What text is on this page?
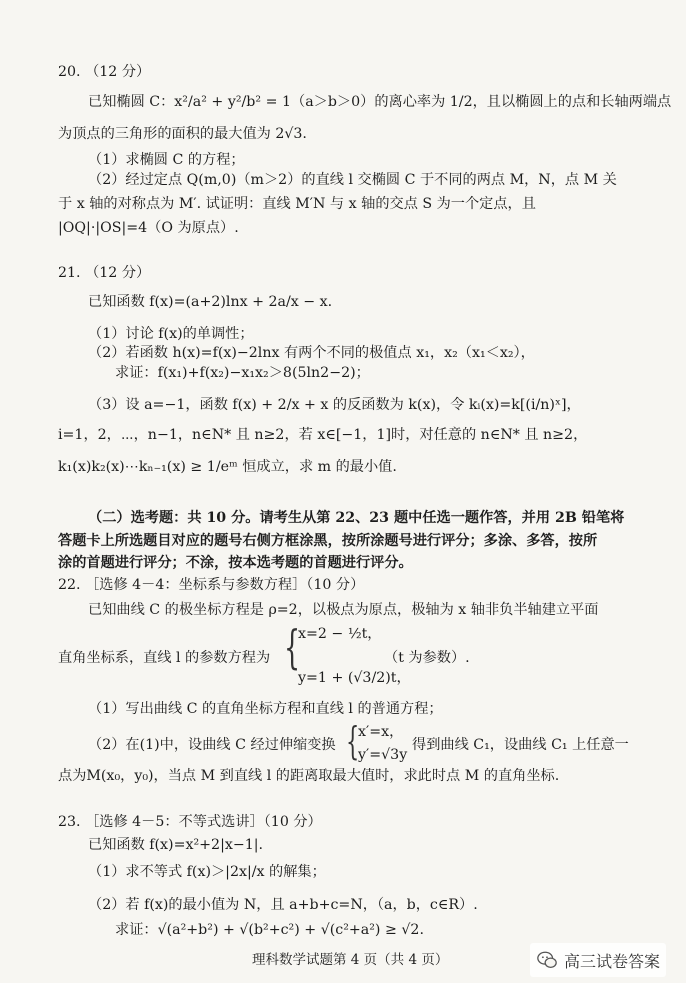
20. （12 分）
已知椭圆 C：x²/a² + y²/b² = 1（a＞b＞0）的离心率为 1/2，且以椭圆上的点和长轴两端点
为顶点的三角形的面积的最大值为 2√3.
（1）求椭圆 C 的方程；
（2）经过定点 Q(m,0)（m＞2）的直线 l 交椭圆 C 于不同的两点 M，N，点 M 关
于 x 轴的对称点为 M′. 试证明：直线 M′N 与 x 轴的交点 S 为一个定点，且
|OQ|·|OS|=4（O 为原点）.
21. （12 分）
已知函数 f(x)=(a+2)lnx + 2a/x − x.
（1）讨论 f(x)的单调性；
（2）若函数 h(x)=f(x)−2lnx 有两个不同的极值点 x₁，x₂（x₁＜x₂），
求证：f(x₁)+f(x₂)−x₁x₂＞8(5ln2−2)；
（3）设 a=−1，函数 f(x) + 2/x + x 的反函数为 k(x)，令 kᵢ(x)=k[(i/n)ˣ]，
i=1，2，⋯，n−1，n∈N* 且 n≥2，若 x∈[−1，1]时，对任意的 n∈N* 且 n≥2，
k₁(x)k₂(x)⋯kₙ₋₁(x) ≥ 1/eᵐ 恒成立，求 m 的最小值.
（二）选考题：共 10 分。请考生从第 22、23 题中任选一题作答，并用 2B 铅笔将
答题卡上所选题目对应的题号右侧方框涂黑，按所涂题号进行评分；多涂、多答，按所
涂的首题进行评分；不涂，按本选考题的首题进行评分。
22. ［选修 4－4：坐标系与参数方程］（10 分）
已知曲线 C 的极坐标方程是 ρ=2，以极点为原点，极轴为 x 轴非负半轴建立平面
直角坐标系，直线 l 的参数方程为 {
x=2 − ½t，
y=1 + (√3/2)t，
（t 为参数）.
（1）写出曲线 C 的直角坐标方程和直线 l 的普通方程；
（2）在(1)中，设曲线 C 经过伸缩变换 {
x′=x，
y′=√3y
得到曲线 C₁，设曲线 C₁ 上任意一
点为M(x₀，y₀)，当点 M 到直线 l 的距离取最大值时，求此时点 M 的直角坐标.
23. ［选修 4－5：不等式选讲］（10 分）
已知函数 f(x)=x²+2|x−1|.
（1）求不等式 f(x)＞|2x|/x 的解集；
（2）若 f(x)的最小值为 N，且 a+b+c=N，（a，b，c∈R）.
求证：√(a²+b²) + √(b²+c²) + √(c²+a²) ≥ √2.
理科数学试题第 4 页（共 4 页）	高三试卷答案
